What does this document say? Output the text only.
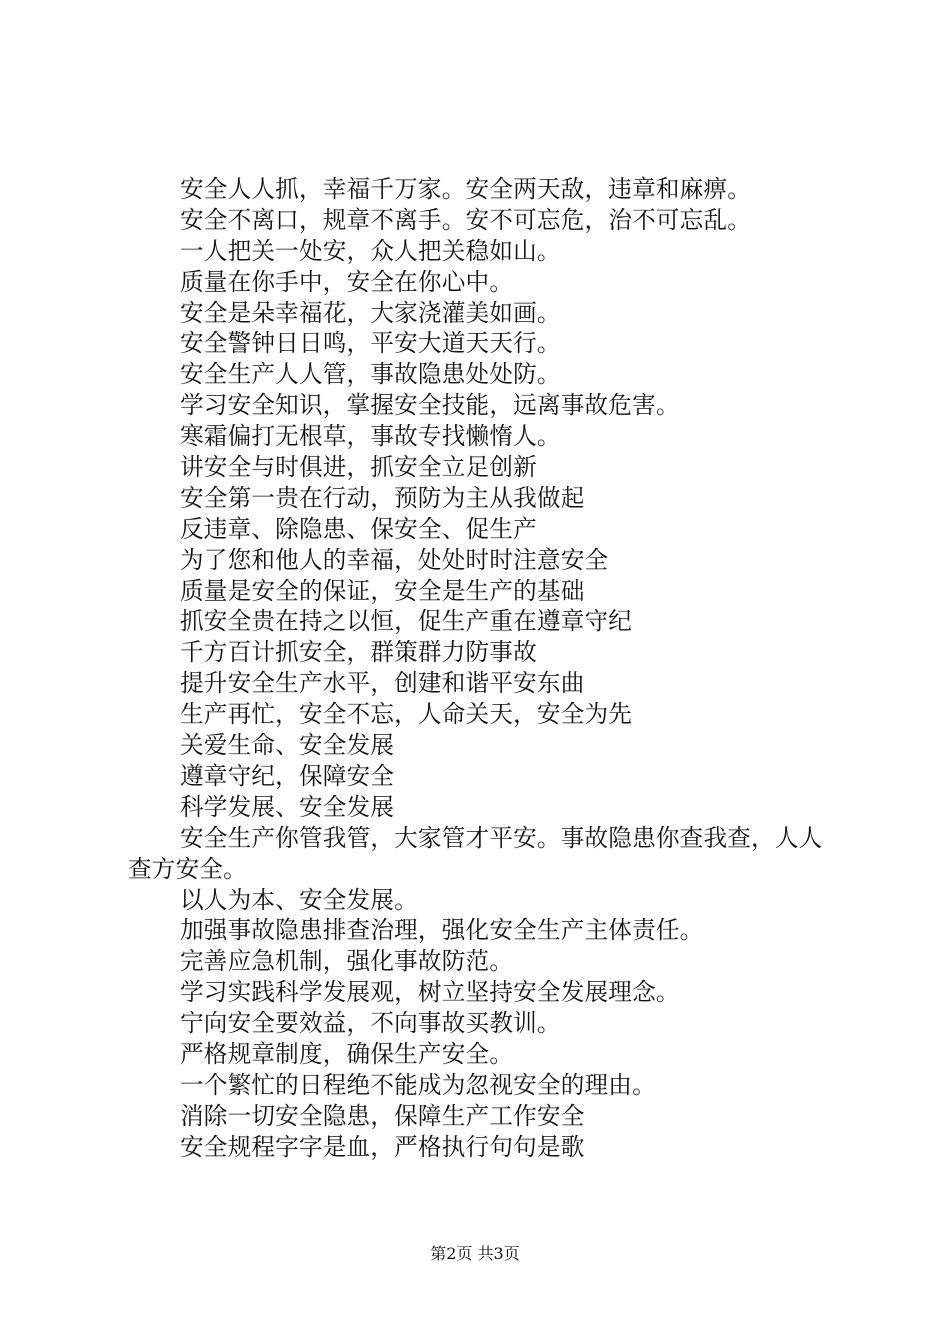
安全人人抓，幸福千万家。安全两天敌，违章和麻痹。
安全不离口，规章不离手。安不可忘危，治不可忘乱。
一人把关一处安，众人把关稳如山。
质量在你手中，安全在你心中。
安全是朵幸福花，大家浇灌美如画。
安全警钟日日鸣，平安大道天天行。
安全生产人人管，事故隐患处处防。
学习安全知识，掌握安全技能，远离事故危害。
寒霜偏打无根草，事故专找懒惰人。
讲安全与时俱进，抓安全立足创新
安全第一贵在行动，预防为主从我做起
反违章、除隐患、保安全、促生产
为了您和他人的幸福，处处时时注意安全
质量是安全的保证，安全是生产的基础
抓安全贵在持之以恒，促生产重在遵章守纪
千方百计抓安全，群策群力防事故
提升安全生产水平，创建和谐平安东曲
生产再忙，安全不忘，人命关天，安全为先
关爱生命、安全发展
遵章守纪，保障安全
科学发展、安全发展
安全生产你管我管，大家管才平安。事故隐患你查我查，人人查方安全。
以人为本、安全发展。
加强事故隐患排查治理，强化安全生产主体责任。
完善应急机制，强化事故防范。
学习实践科学发展观，树立坚持安全发展理念。
宁向安全要效益，不向事故买教训。
严格规章制度，确保生产安全。
一个繁忙的日程绝不能成为忽视安全的理由。
消除一切安全隐患，保障生产工作安全
安全规程字字是血，严格执行句句是歌
第2页 共3页
